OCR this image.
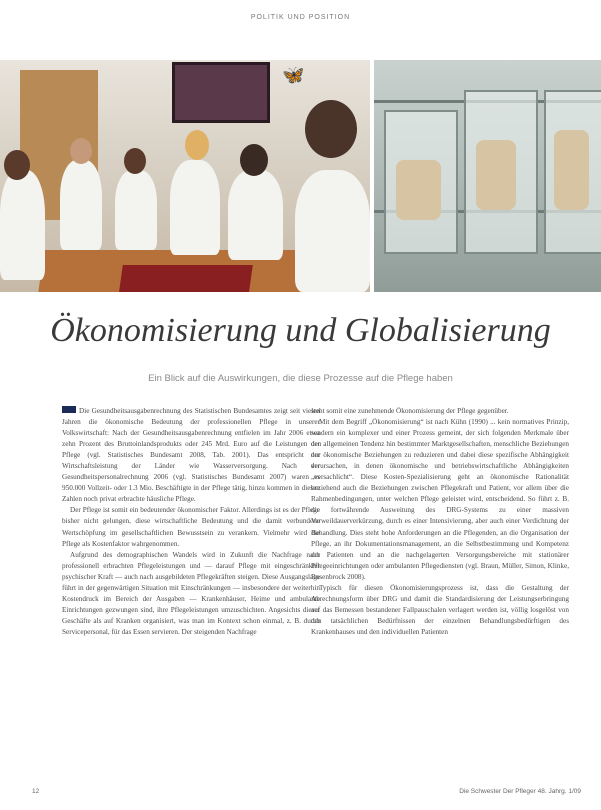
POLITIK UND POSITION
🦋
Ökonomisierung und Globalisierung
Ein Blick auf die Auswirkungen, die diese Prozesse auf die Pflege haben

Die Gesundheitsausgabenrechnung des Statistischen Bundesamtes zeigt seit vielen Jahren die ökonomische Bedeutung der professionellen Pflege in unserer Volkswirtschaft: Nach der Gesundheitsausgabenrechnung entfielen im Jahr 2006 etwa zehn Prozent des Bruttoinlandsprodukts oder 245 Mrd. Euro auf die Leistungen der Pflege (vgl. Statistisches Bundesamt 2008, Tab. 2001). Das entspricht der Wirtschaftsleistung der Länder wie Wasserversorgung. Nach der Gesundheitspersonalrechnung 2006 (vgl. Statistisches Bundesamt 2007) waren es 950.000 Vollzeit- oder 1.3 Mio. Beschäftigte in der Pflege tätig, hinzu kommen in diesen Zahlen noch privat erbrachte häusliche Pflege.

Der Pflege ist somit ein bedeutender ökonomischer Faktor. Allerdings ist es der Pflege bisher nicht gelungen, diese wirtschaftliche Bedeutung und die damit verbundene Wertschöpfung im gesellschaftlichen Bewusstsein zu verankern. Vielmehr wird die Pflege als Kostenfaktor wahrgenommen.

Aufgrund des demographischen Wandels wird in Zukunft die Nachfrage nach professionell erbrachten Pflegeleistungen und — darauf Pflege mit eingeschränkter psychischer Kraft — auch nach ausgebildeten Pflegekräften steigen. Diese Ausgangslage führt in der gegenwärtigen Situation mit Einschränkungen — insbesondere der weiterhin Kostendruck im Bereich der Ausgaben — Krankenhäuser, Heime und ambulante Einrichtungen gezwungen sind, ihre Pflegeleistungen umzuschichten. Angesichts dieser Geschäfte als auf Kranken organisiert, was man im Kontext schon einmal, z. B. durch Servicepersonal, für das Essen servieren. Der steigenden Nachfrage

steht somit eine zunehmende Ökonomisierung der Pflege gegenüber.

Mit dem Begriff „Ökonomisierung“ ist nach Kühn (1990) ... kein normatives Prinzip, sondern ein komplexer und einer Prozess gemeint, der sich folgenden Merkmale über den allgemeinen Tendenz hin bestimmter Marktgesellschaften, menschliche Beziehungen nur ökonomische Beziehungen zu reduzieren und dabei diese spezifische Abhängigkeit verursachen, in denen ökonomische und betriebswirtschaftliche Abhängigkeiten „versachlicht“. Diese Kosten-Spezialisierung geht an ökonomische Rationalität beziehend auch die Beziehungen zwischen Pflegekraft und Patient, vor allem über die Rahmenbedingungen, unter welchen Pflege geleistet wird, entscheidend. So führt z. B. die fortwährende Ausweitung des DRG-Systems zu einer massiven Verweildauerverkürzung, durch es einer Intensivierung, aber auch einer Verdichtung der Behandlung. Dies steht hohe Anforderungen an die Pflegenden, an die Organisation der Pflege, an ihr Dokumentationsmanagement, an die Selbstbestimmung und Kompetenz der Patienten und an die nachgelagerten Versorgungsbereiche mit stationärer Pflegeeinrichtungen oder ambulanten Pflegediensten (vgl. Braun, Müller, Simon, Klinke, Rosenbrock 2008).

Typisch für diesen Ökonomisierungsprozess ist, dass die Gestaltung der Abrechnungsform über DRG und damit die Standardisierung der Leistungserbringung auf das Bemessen bestandener Fallpauschalen verlagert werden ist, völlig losgelöst von den tatsächlichen Bedürfnissen der einzelnen Behandlungsbedürftigen des Krankenhauses und den individuellen Patienten

12	Die Schwester Der Pfleger 48. Jahrg. 1/09
